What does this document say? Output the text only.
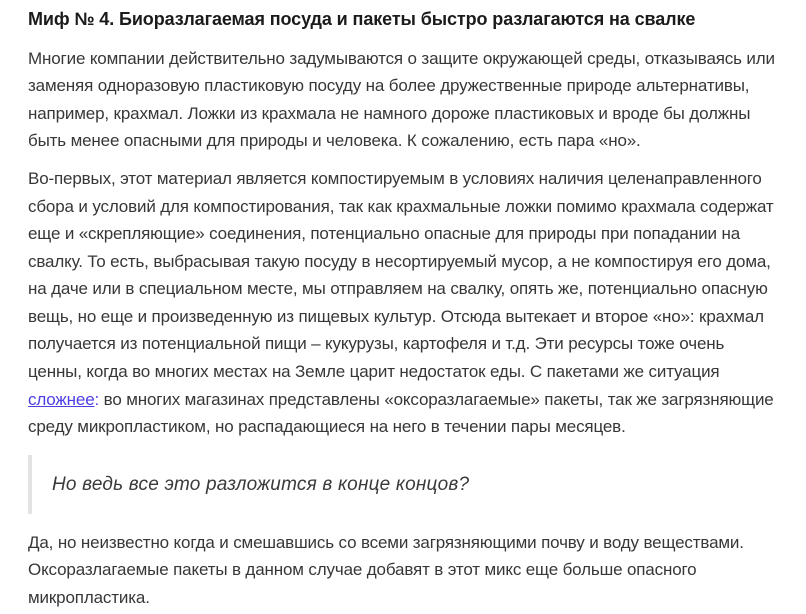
Миф № 4. Биоразлагаемая посуда и пакеты быстро разлагаются на свалке

Многие компании действительно задумываются о защите окружающей среды, отказываясь или заменяя одноразовую пластиковую посуду на более дружественные природе альтернативы, например, крахмал. Ложки из крахмала не намного дороже пластиковых и вроде бы должны быть менее опасными для природы и человека. К сожалению, есть пара «но».

Во-первых, этот материал является компостируемым в условиях наличия целенаправленного сбора и условий для компостирования, так как крахмальные ложки помимо крахмала содержат еще и «скрепляющие» соединения, потенциально опасные для природы при попадании на свалку. То есть, выбрасывая такую посуду в несортируемый мусор, а не компостируя его дома, на даче или в специальном месте, мы отправляем на свалку, опять же, потенциально опасную вещь, но еще и произведенную из пищевых культур. Отсюда вытекает и второе «но»: крахмал получается из потенциальной пищи – кукурузы, картофеля и т.д. Эти ресурсы тоже очень ценны, когда во многих местах на Земле царит недостаток еды. С пакетами же ситуация сложнее: во многих магазинах представлены «оксоразлагаемые» пакеты, так же загрязняющие среду микропластиком, но распадающиеся на него в течении пары месяцев.

Но ведь все это разложится в конце концов?

Да, но неизвестно когда и смешавшись со всеми загрязняющими почву и воду веществами. Оксоразлагаемые пакеты в данном случае добавят в этот микс еще больше опасного микропластика.
